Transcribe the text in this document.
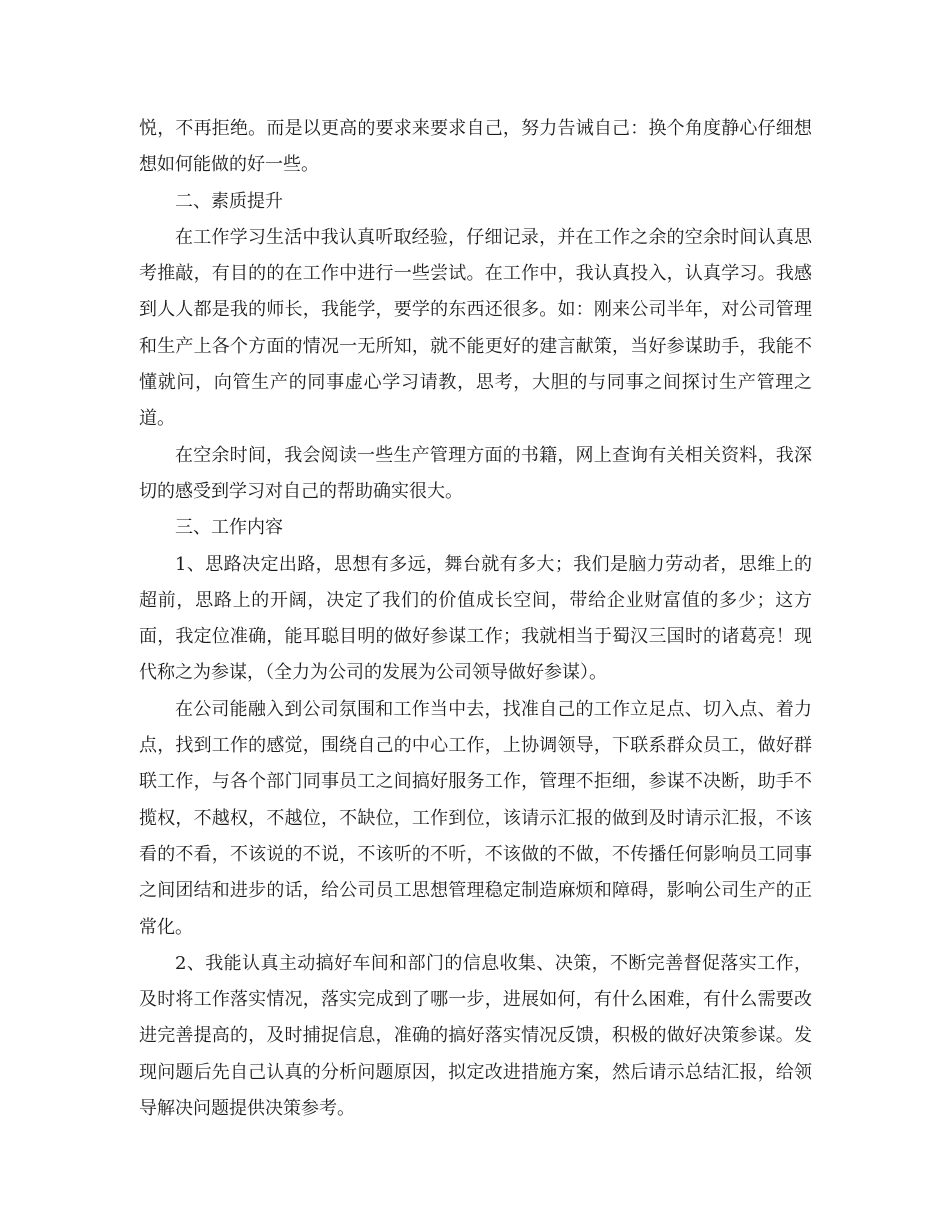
悦，不再拒绝。而是以更高的要求来要求自己，努力告诫自己：换个角度静心仔细想想如何能做的好一些。

二、素质提升

在工作学习生活中我认真听取经验，仔细记录，并在工作之余的空余时间认真思考推敲，有目的的在工作中进行一些尝试。在工作中，我认真投入，认真学习。我感到人人都是我的师长，我能学，要学的东西还很多。如：刚来公司半年，对公司管理和生产上各个方面的情况一无所知，就不能更好的建言献策，当好参谋助手，我能不懂就问，向管生产的同事虚心学习请教，思考，大胆的与同事之间探讨生产管理之道。

在空余时间，我会阅读一些生产管理方面的书籍，网上查询有关相关资料，我深切的感受到学习对自己的帮助确实很大。

三、工作内容

1、思路决定出路，思想有多远，舞台就有多大；我们是脑力劳动者，思维上的超前，思路上的开阔，决定了我们的价值成长空间，带给企业财富值的多少；这方面，我定位准确，能耳聪目明的做好参谋工作；我就相当于蜀汉三国时的诸葛亮！现代称之为参谋，（全力为公司的发展为公司领导做好参谋）。

在公司能融入到公司氛围和工作当中去，找准自己的工作立足点、切入点、着力点，找到工作的感觉，围绕自己的中心工作，上协调领导，下联系群众员工，做好群联工作，与各个部门同事员工之间搞好服务工作，管理不拒细，参谋不决断，助手不揽权，不越权，不越位，不缺位，工作到位，该请示汇报的做到及时请示汇报，不该看的不看，不该说的不说，不该听的不听，不该做的不做，不传播任何影响员工同事之间团结和进步的话，给公司员工思想管理稳定制造麻烦和障碍，影响公司生产的正常化。

2、我能认真主动搞好车间和部门的信息收集、决策，不断完善督促落实工作，及时将工作落实情况，落实完成到了哪一步，进展如何，有什么困难，有什么需要改进完善提高的，及时捕捉信息，准确的搞好落实情况反馈，积极的做好决策参谋。发现问题后先自己认真的分析问题原因，拟定改进措施方案，然后请示总结汇报，给领导解决问题提供决策参考。
